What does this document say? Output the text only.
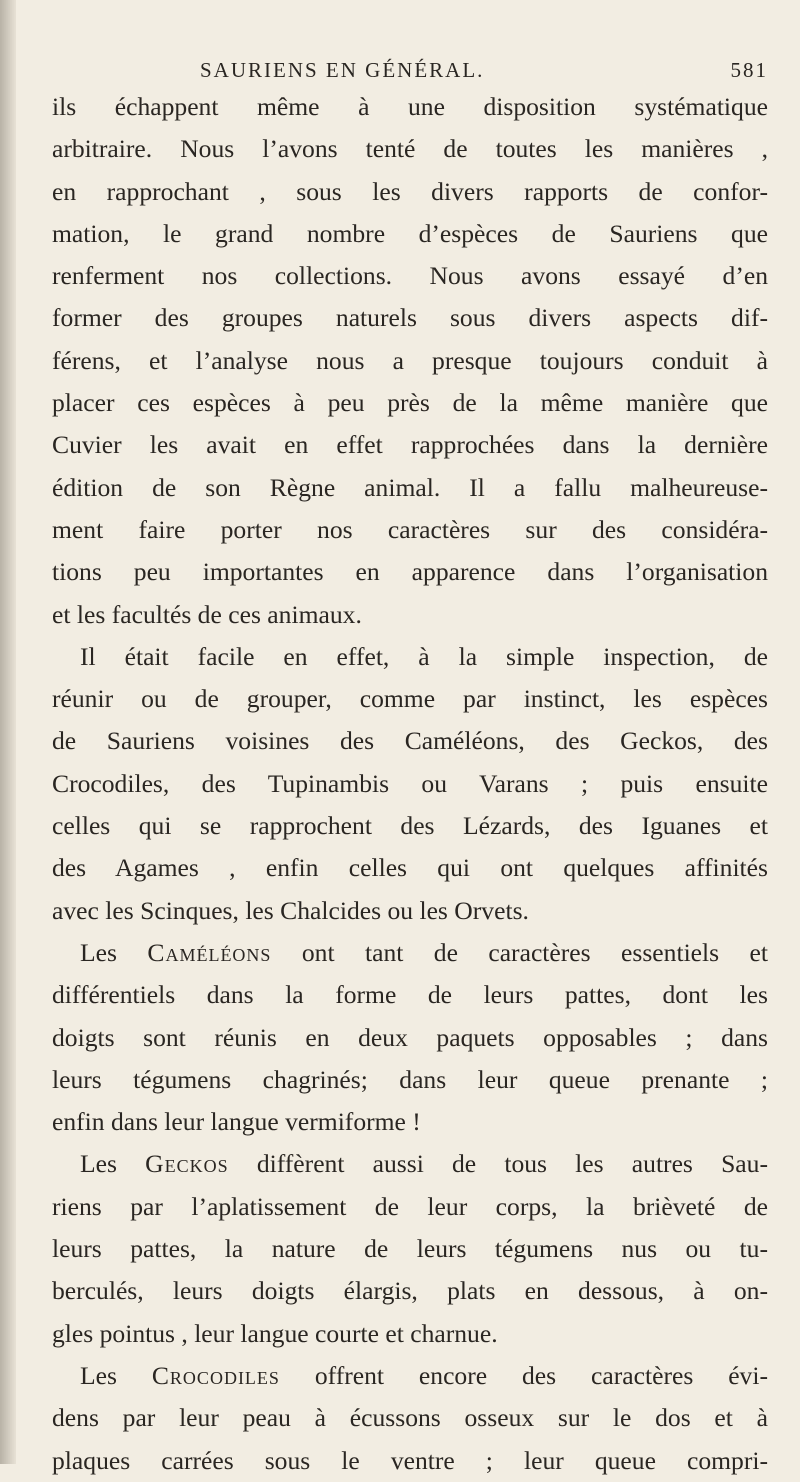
SAURIENS EN GÉNÉRAL.	581
ils échappent même à une disposition systématique
arbitraire. Nous l’avons tenté de toutes les manières ,
en rapprochant , sous les divers rapports de confor-
mation, le grand nombre d’espèces de Sauriens que
renferment nos collections. Nous avons essayé d’en
former des groupes naturels sous divers aspects dif-
férens, et l’analyse nous a presque toujours conduit à
placer ces espèces à peu près de la même manière que
Cuvier les avait en effet rapprochées dans la dernière
édition de son Règne animal. Il a fallu malheureuse-
ment faire porter nos caractères sur des considéra-
tions peu importantes en apparence dans l’organisation
et les facultés de ces animaux.
Il était facile en effet, à la simple inspection, de
réunir ou de grouper, comme par instinct, les espèces
de Sauriens voisines des Caméléons, des Geckos, des
Crocodiles, des Tupinambis ou Varans ; puis ensuite
celles qui se rapprochent des Lézards, des Iguanes et
des Agames , enfin celles qui ont quelques affinités
avec les Scinques, les Chalcides ou les Orvets.
Les Caméléons ont tant de caractères essentiels et
différentiels dans la forme de leurs pattes, dont les
doigts sont réunis en deux paquets opposables ; dans
leurs tégumens chagrinés; dans leur queue prenante ;
enfin dans leur langue vermiforme !
Les Geckos diffèrent aussi de tous les autres Sau-
riens par l’aplatissement de leur corps, la brièveté de
leurs pattes, la nature de leurs tégumens nus ou tu-
berculés, leurs doigts élargis, plats en dessous, à on-
gles pointus , leur langue courte et charnue.
Les Crocodiles offrent encore des caractères évi-
dens par leur peau à écussons osseux sur le dos et à
plaques carrées sous le ventre ; leur queue compri-
